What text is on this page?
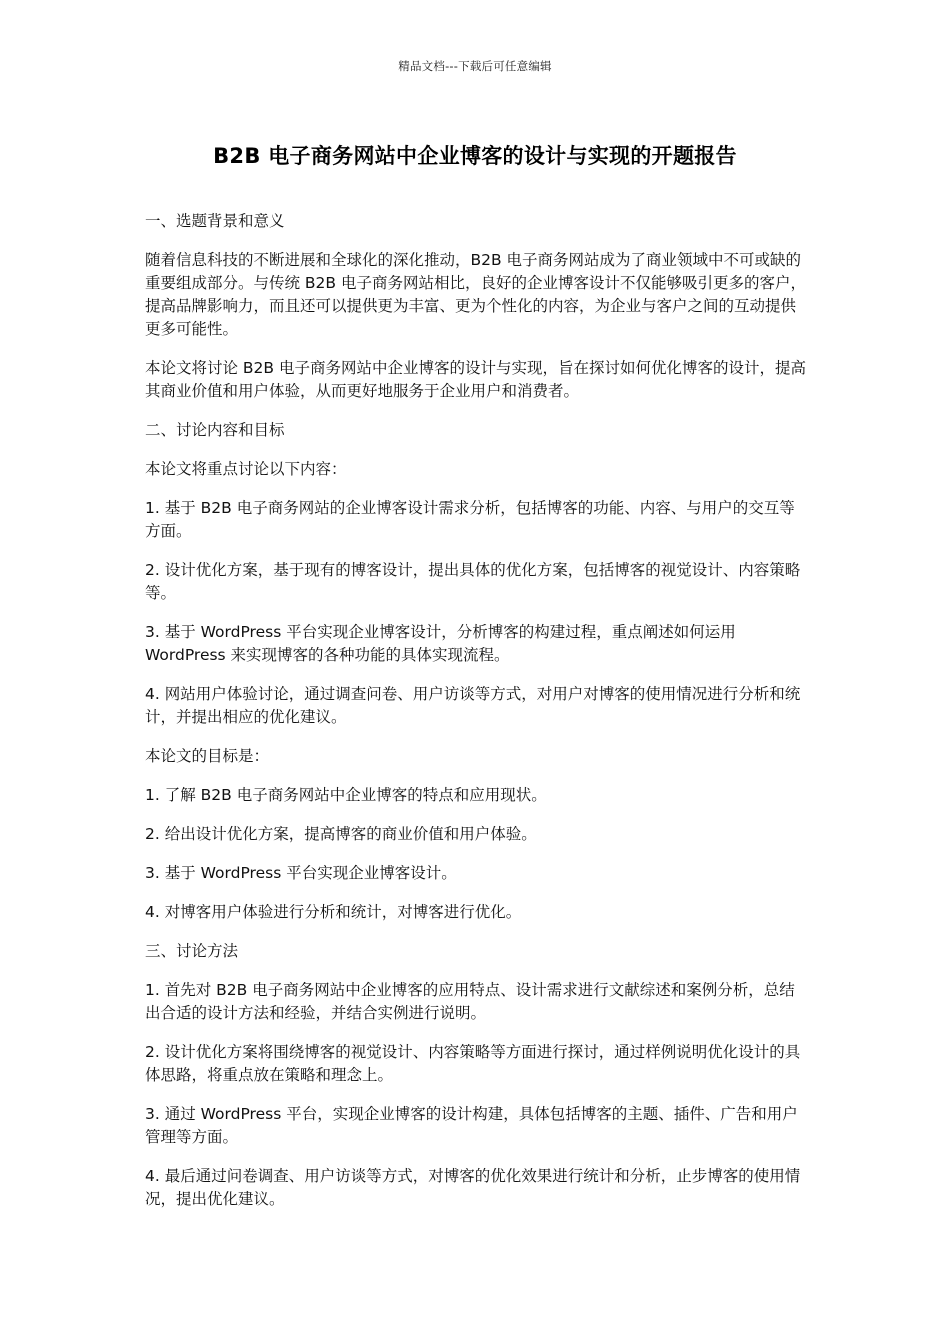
精品文档---下载后可任意编辑
B2B 电子商务网站中企业博客的设计与实现的开题报告

一、选题背景和意义

随着信息科技的不断进展和全球化的深化推动，B2B 电子商务网站成为了商业领域中不可或缺的重要组成部分。与传统 B2B 电子商务网站相比，良好的企业博客设计不仅能够吸引更多的客户，提高品牌影响力，而且还可以提供更为丰富、更为个性化的内容，为企业与客户之间的互动提供更多可能性。

本论文将讨论 B2B 电子商务网站中企业博客的设计与实现，旨在探讨如何优化博客的设计，提高其商业价值和用户体验，从而更好地服务于企业用户和消费者。

二、讨论内容和目标

本论文将重点讨论以下内容：

1. 基于 B2B 电子商务网站的企业博客设计需求分析，包括博客的功能、内容、与用户的交互等方面。

2. 设计优化方案，基于现有的博客设计，提出具体的优化方案，包括博客的视觉设计、内容策略等。

3. 基于 WordPress 平台实现企业博客设计，分析博客的构建过程，重点阐述如何运用 WordPress 来实现博客的各种功能的具体实现流程。

4. 网站用户体验讨论，通过调查问卷、用户访谈等方式，对用户对博客的使用情况进行分析和统计，并提出相应的优化建议。

本论文的目标是：

1. 了解 B2B 电子商务网站中企业博客的特点和应用现状。

2. 给出设计优化方案，提高博客的商业价值和用户体验。

3. 基于 WordPress 平台实现企业博客设计。

4. 对博客用户体验进行分析和统计，对博客进行优化。

三、讨论方法

1. 首先对 B2B 电子商务网站中企业博客的应用特点、设计需求进行文献综述和案例分析，总结出合适的设计方法和经验，并结合实例进行说明。

2. 设计优化方案将围绕博客的视觉设计、内容策略等方面进行探讨，通过样例说明优化设计的具体思路，将重点放在策略和理念上。

3. 通过 WordPress 平台，实现企业博客的设计构建，具体包括博客的主题、插件、广告和用户管理等方面。

4. 最后通过问卷调查、用户访谈等方式，对博客的优化效果进行统计和分析，止步博客的使用情况，提出优化建议。
